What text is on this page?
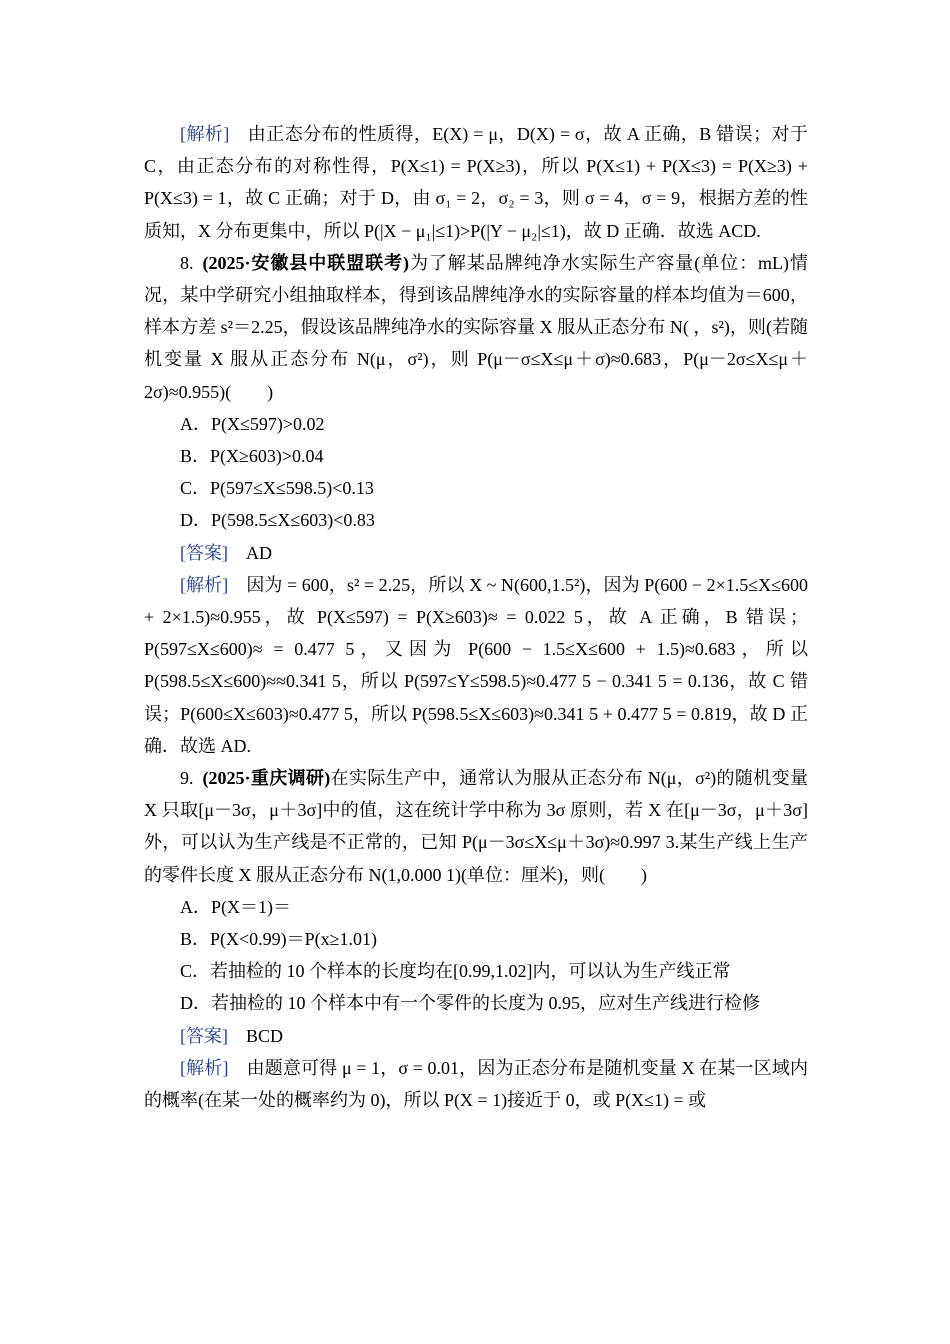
[解析] 由正态分布的性质得，E(X) = μ，D(X) = σ，故 A 正确，B 错误；对于C，由正态分布的对称性得，P(X≤1) = P(X≥3)，所以 P(X≤1) + P(X≤3) = P(X≥3) + P(X≤3) = 1，故 C 正确；对于 D，由 σ₁ = 2，σ₂ = 3，则 σ = 4，σ = 9，根据方差的性质知，X 分布更集中，所以 P(|X − μ₁|≤1)>P(|Y − μ₂|≤1)，故 D 正确．故选 ACD.

8.  (2025·安徽县中联盟联考)为了解某品牌纯净水实际生产容量(单位：mL)情况，某中学研究小组抽取样本，得到该品牌纯净水的实际容量的样本均值为＝600，样本方差 s²＝2.25，假设该品牌纯净水的实际容量 X 服从正态分布 N( ，s²)，则(若随机变量 X 服从正态分布 N(μ，σ²)，则 P(μ－σ≤X≤μ＋σ)≈0.683，P(μ－2σ≤X≤μ＋2σ)≈0.955)(　　)

A．P(X≤597)>0.02

B．P(X≥603)>0.04

C．P(597≤X≤598.5)<0.13

D．P(598.5≤X≤603)<0.83

[答案] AD

[解析] 因为 = 600，s² = 2.25，所以 X ~ N(600,1.5²)，因为 P(600 − 2×1.5≤X≤600 + 2×1.5)≈0.955，故 P(X≤597) = P(X≥603)≈ = 0.022 5，故 A 正确，B 错误；P(597≤X≤600)≈ = 0.477 5，又因为 P(600 − 1.5≤X≤600 + 1.5)≈0.683，所以 P(598.5≤X≤600)≈≈0.341 5，所以 P(597≤Y≤598.5)≈0.477 5 − 0.341 5 = 0.136，故 C 错误；P(600≤X≤603)≈0.477 5，所以 P(598.5≤X≤603)≈0.341 5 + 0.477 5 = 0.819，故 D 正确．故选 AD.

9.  (2025·重庆调研)在实际生产中，通常认为服从正态分布 N(μ，σ²)的随机变量 X 只取[μ－3σ，μ＋3σ]中的值，这在统计学中称为 3σ 原则，若 X 在[μ－3σ，μ＋3σ]外，可以认为生产线是不正常的，已知 P(μ－3σ≤X≤μ＋3σ)≈0.997 3.某生产线上生产的零件长度 X 服从正态分布 N(1,0.000 1)(单位：厘米)，则(　　)

A．P(X＝1)＝

B．P(X<0.99)＝P(x≥1.01)

C．若抽检的 10 个样本的长度均在[0.99,1.02]内，可以认为生产线正常

D．若抽检的 10 个样本中有一个零件的长度为 0.95，应对生产线进行检修

[答案] BCD

[解析] 由题意可得 μ = 1，σ = 0.01，因为正态分布是随机变量 X 在某一区域内的概率(在某一处的概率约为 0)，所以 P(X = 1)接近于 0，或 P(X≤1) = 或
